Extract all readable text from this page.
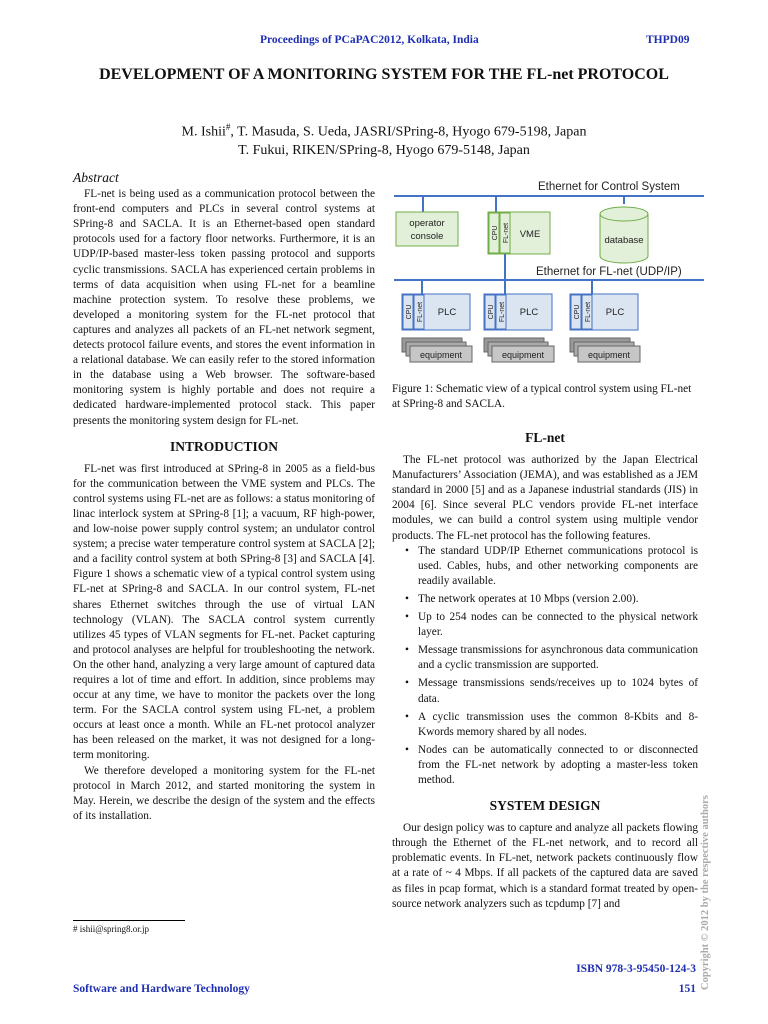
Proceedings of PCaPAC2012, Kolkata, India	THPD09
DEVELOPMENT OF A MONITORING SYSTEM FOR THE FL-net PROTOCOL
M. Ishii#, T. Masuda, S. Ueda, JASRI/SPring-8, Hyogo 679-5198, Japan
T. Fukui, RIKEN/SPring-8, Hyogo 679-5148, Japan
Abstract

FL-net is being used as a communication protocol between the front-end computers and PLCs in several control systems at SPring-8 and SACLA. It is an Ethernet-based open standard protocols used for a factory floor networks. Furthermore, it is an UDP/IP-based master-less token passing protocol and supports cyclic transmissions. SACLA has experienced certain problems in terms of data acquisition when using FL-net for a beamline machine protection system. To resolve these problems, we developed a monitoring system for the FL-net protocol that captures and analyzes all packets of an FL-net network segment, detects protocol failure events, and stores the event information in a relational database. We can easily refer to the stored information in the database using a Web browser. The software-based monitoring system is highly portable and does not require a dedicated hardware-implemented protocol stack. This paper presents the monitoring system design for FL-net.

INTRODUCTION

FL-net was first introduced at SPring-8 in 2005 as a field-bus for the communication between the VME system and PLCs. The control systems using FL-net are as follows: a status monitoring of linac interlock system at SPring-8 [1]; a vacuum, RF high-power, and low-noise power supply control system; an undulator control system; a precise water temperature control system at SACLA [2]; and a facility control system at both SPring-8 [3] and SACLA [4]. Figure 1 shows a schematic view of a typical control system using FL-net at SPring-8 and SACLA. In our control system, FL-net shares Ethernet switches through the use of virtual LAN technology (VLAN). The SACLA control system currently utilizes 45 types of VLAN segments for FL-net. Packet capturing and protocol analyses are helpful for troubleshooting the network. On the other hand, analyzing a very large amount of captured data requires a lot of time and effort. In addition, since problems may occur at any time, we have to monitor the packets over the long term. For the SACLA control system using FL-net, a problem occurs at least once a month. While an FL-net protocol analyzer has been released on the market, it was not designed for a long-term monitoring.

We therefore developed a monitoring system for the FL-net protocol in March 2012, and started monitoring the system in May. Herein, we describe the design of the system and the effects of its installation.

# ishii@spring8.or.jp
Ethernet for Control System
operator
console	CPU FL-net VME
database
Ethernet for FL-net (UDP/IP)
CPU FL-net PLC
equipment
CPU FL-net PLC
equipment
CPU FL-net PLC
equipment
Figure 1: Schematic view of a typical control system using FL-net at SPring-8 and SACLA.
FL-net

The FL-net protocol was authorized by the Japan Electrical Manufacturers’ Association (JEMA), and was established as a JEM standard in 2000 [5] and as a Japanese industrial standards (JIS) in 2004 [6]. Since several PLC vendors provide FL-net interface modules, we can build a control system using multiple vendor products. The FL-net protocol has the following features.

• The standard UDP/IP Ethernet communications protocol is used. Cables, hubs, and other networking components are readily available.
• The network operates at 10 Mbps (version 2.00).
• Up to 254 nodes can be connected to the physical network layer.
• Message transmissions for asynchronous data communication and a cyclic transmission are supported.
• Message transmissions sends/receives up to 1024 bytes of data.
• A cyclic transmission uses the common 8-Kbits and 8-Kwords memory shared by all nodes.
• Nodes can be automatically connected to or disconnected from the FL-net network by adopting a master-less token method.
SYSTEM DESIGN

Our design policy was to capture and analyze all packets flowing through the Ethernet of the FL-net network, and to record all problematic events. In FL-net, network packets continuously flow at a rate of ~ 4 Mbps. If all packets of the captured data are saved as files in pcap format, which is a standard format treated by open-source network analyzers such as tcpdump [7] and

ISBN 978-3-95450-124-3
Software and Hardware Technology	151 Copyright © 2012 by the respective authors
